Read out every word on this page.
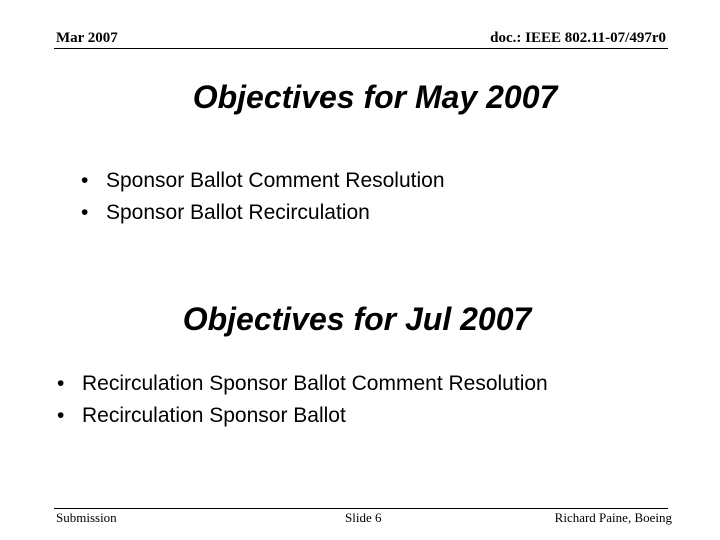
Mar 2007	doc.: IEEE 802.11-07/497r0
Objectives for May 2007
• Sponsor Ballot Comment Resolution
• Sponsor Ballot Recirculation
Objectives for Jul 2007
• Recirculation Sponsor Ballot Comment Resolution
• Recirculation Sponsor Ballot
Submission	Slide 6	Richard Paine, Boeing
